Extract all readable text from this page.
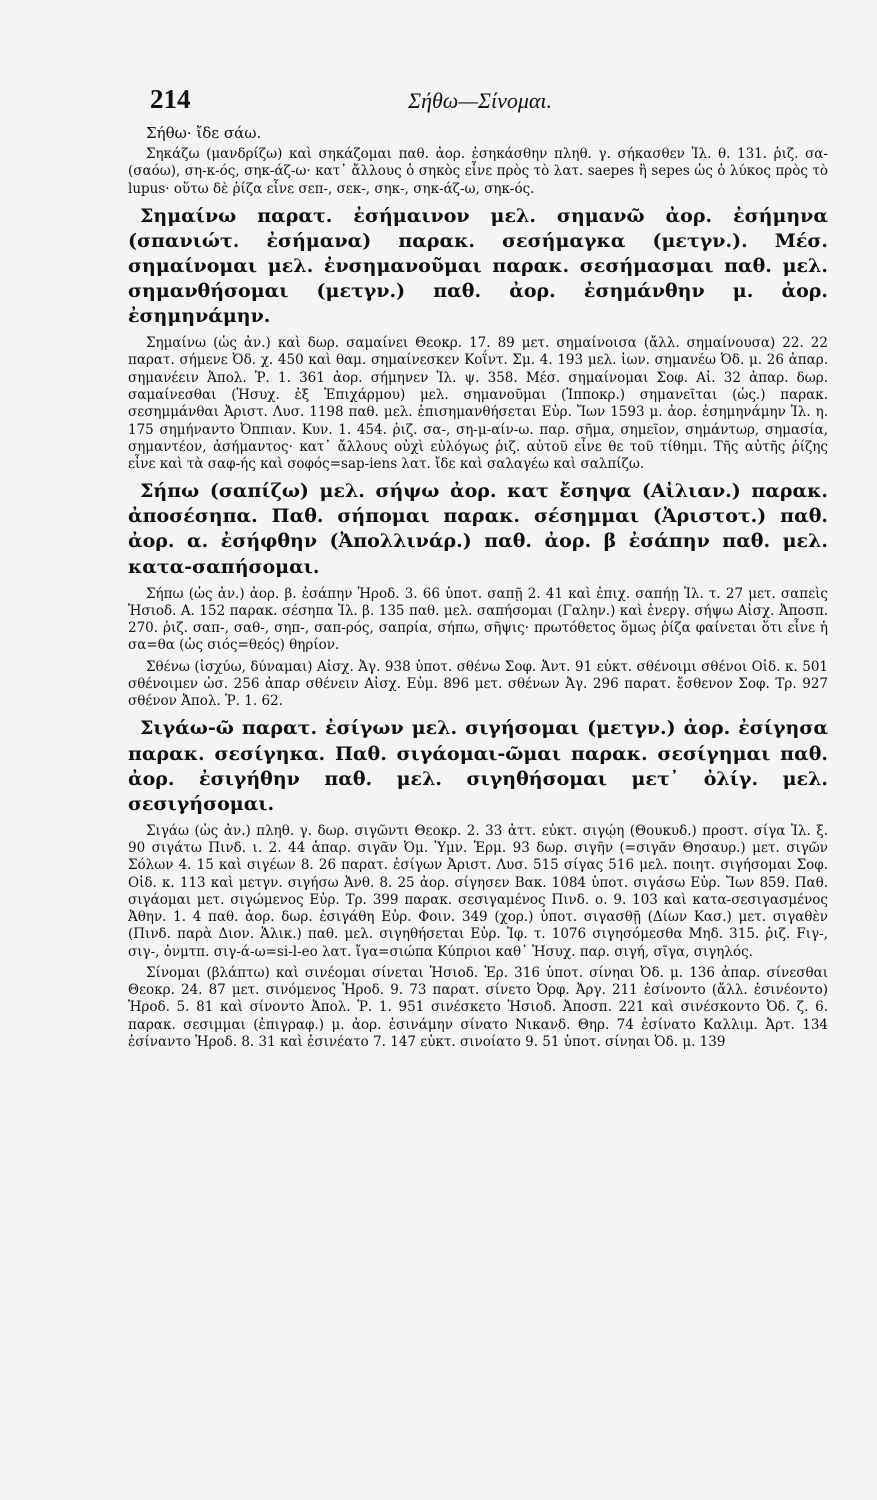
214	Σήθω—Σίνομαι.

Σήθω· ἴδε σάω.

Σηκάζω (μανδρίζω) καὶ σηκάζομαι παθ. ἀορ. ἐσηκάσθην πληθ. γ. σήκασθεν Ἰλ. θ. 131. ῥιζ. σα-(σαόω), ση-κ-ός, σηκ-άζ-ω· κατ᾽ ἄλλους ὁ σηκὸς εἶνε πρὸς τὸ λατ. saepes ἢ sepes ὡς ὁ λύκος πρὸς τὸ lupus· οὕτω δὲ ῥίζα εἶνε σεπ-, σεκ-, σηκ-, σηκ-άζ-ω, σηκ-ός.

Σημαίνω παρατ. ἐσήμαινον μελ. σημανῶ ἀορ. ἐσήμηνα (σπανιώτ. ἐσήμανα) παρακ. σεσήμαγκα (μετγν.). Μέσ. σημαίνομαι μελ. ἐνσημανοῦμαι παρακ. σεσήμασμαι παθ. μελ. σημανθήσομαι (μετγν.) παθ. ἀορ. ἐσημάνθην μ. ἀορ. ἐσημηνάμην.

Σημαίνω (ὡς ἀν.) καὶ δωρ. σαμαίνει Θεοκρ. 17. 89 μετ. σημαίνοισα (ἄλλ. σημαίνουσα) 22. 22 παρατ. σήμενε Ὀδ. χ. 450 καὶ θαμ. σημαίνεσκεν Κοΐντ. Σμ. 4. 193 μελ. ἰων. σημανέω Ὀδ. μ. 26 ἀπαρ. σημανέειν Ἀπολ. Ῥ. 1. 361 ἀορ. σήμηνεν Ἰλ. ψ. 358. Μέσ. σημαίνομαι Σοφ. Αἰ. 32 ἀπαρ. δωρ. σαμαίνεσθαι (Ἡσυχ. ἐξ Ἐπιχάρμου) μελ. σημανοῦμαι (Ἱπποκρ.) σημανεῖται (ὡς.) παρακ. σεσημμάνθαι Ἀριστ. Λυσ. 1198 παθ. μελ. ἐπισημανθήσεται Εὐρ. Ἴων 1593 μ. ἀορ. ἐσημηνάμην Ἰλ. η. 175 σημήναντο Ὀππιαν. Κυν. 1. 454. ῥιζ. σα-, ση-μ-αίν-ω. παρ. σῆμα, σημεῖον, σημάντωρ, σημασία, σημαντέον, ἀσήμαντος· κατ᾽ ἄλλους οὐχὶ εὐλόγως ῥιζ. αὐτοῦ εἶνε θε τοῦ τίθημι. Τῆς αὐτῆς ῥίζης εἶνε καὶ τὰ σαφ-ής καὶ σοφός=sap-iens λατ. ἴδε καὶ σαλαγέω καὶ σαλπίζω.

Σήπω (σαπίζω) μελ. σήψω ἀορ. κατ ἔσηψα (Αἰλιαν.) παρακ. ἀποσέσηπα. Παθ. σήπομαι παρακ. σέσημμαι (Ἀριστοτ.) παθ. ἀορ. α. ἐσήφθην (Ἀπολλινάρ.) παθ. ἀορ. β ἐσάπην παθ. μελ. κατα-σαπήσομαι.

Σήπω (ὡς ἀν.) ἀορ. β. ἐσάπην Ἡροδ. 3. 66 ὑποτ. σαπῇ 2. 41 καὶ ἐπιχ. σαπήῃ Ἰλ. τ. 27 μετ. σαπεὶς Ἡσιοδ. Α. 152 παρακ. σέσηπα Ἰλ. β. 135 παθ. μελ. σαπήσομαι (Γαλην.) καὶ ἐνεργ. σήψω Αἰσχ. Ἀποσπ. 270. ῥιζ. σαπ-, σαθ-, σηπ-, σαπ-ρός, σαπρία, σήπω, σῆψις· πρωτόθετος ὅμως ῥίζα φαίνεται ὅτι εἶνε ἡ σα=θα (ὡς σιός=θεός) θηρίον.

Σθένω (ἰσχύω, δύναμαι) Αἰσχ. Ἀγ. 938 ὑποτ. σθένω Σοφ. Ἀντ. 91 εὐκτ. σθένοιμι σθένοι Οἰδ. κ. 501 σθένοιμεν ὡσ. 256 ἀπαρ σθένειν Αἰσχ. Εὐμ. 896 μετ. σθένων Ἀγ. 296 παρατ. ἔσθενον Σοφ. Τρ. 927 σθένον Ἀπολ. Ῥ. 1. 62.

Σιγάω-ῶ παρατ. ἐσίγων μελ. σιγήσομαι (μετγν.) ἀορ. ἐσίγησα παρακ. σεσίγηκα. Παθ. σιγάομαι-ῶμαι παρακ. σεσίγημαι παθ. ἀορ. ἐσιγήθην παθ. μελ. σιγηθήσομαι μετ᾽ ὀλίγ. μελ. σεσιγήσομαι.

Σιγάω (ὡς ἀν.) πληθ. γ. δωρ. σιγῶντι Θεοκρ. 2. 33 ἀττ. εὐκτ. σιγῴη (Θουκυδ.) προστ. σίγα Ἰλ. ξ. 90 σιγάτω Πινδ. ι. 2. 44 ἀπαρ. σιγᾶν Ὀμ. Ὑμν. Ἑρμ. 93 δωρ. σιγῆν (=σιγᾶν Θησαυρ.) μετ. σιγῶν Σόλων 4. 15 καὶ σιγέων 8. 26 παρατ. ἐσίγων Ἀριστ. Λυσ. 515 σίγας 516 μελ. ποιητ. σιγήσομαι Σοφ. Οἰδ. κ. 113 καὶ μετγν. σιγήσω Ἀνθ. 8. 25 ἀορ. σίγησεν Βακ. 1084 ὑποτ. σιγάσω Εὐρ. Ἴων 859. Παθ. σιγάομαι μετ. σιγώμενος Εὐρ. Τρ. 399 παρακ. σεσιγαμένος Πινδ. ο. 9. 103 καὶ κατα-σεσιγασμένος Ἀθην. 1. 4 παθ. ἀορ. δωρ. ἐσιγάθη Εὐρ. Φοιν. 349 (χορ.) ὑποτ. σιγασθῇ (Δίων Κασ.) μετ. σιγαθὲν (Πινδ. παρὰ Διον. Ἁλικ.) παθ. μελ. σιγηθήσεται Εὐρ. Ἰφ. τ. 1076 σιγησόμεσθα Μηδ. 315. ῥιζ. Fιγ-, σιγ-, ὀνμτπ. σιγ-ά-ω=si-l-eo λατ. ἴγα=σιώπα Κύπριοι καθ᾽ Ἡσυχ. παρ. σιγή, σῖγα, σιγηλός.

Σίνομαι (βλάπτω) καὶ σινέομαι σίνεται Ἡσιοδ. Ἐρ. 316 ὑποτ. σίνηαι Ὀδ. μ. 136 ἀπαρ. σίνεσθαι Θεοκρ. 24. 87 μετ. σινόμενος Ἡροδ. 9. 73 παρατ. σίνετο Ὀρφ. Ἀργ. 211 ἐσίνοντο (ἄλλ. ἐσινέοντο) Ἡροδ. 5. 81 καὶ σίνοντο Ἀπολ. Ῥ. 1. 951 σινέσκετο Ἡσιοδ. Ἀποσπ. 221 καὶ σινέσκοντο Ὀδ. ζ. 6. παρακ. σεσιμμαι (ἐπιγραφ.) μ. ἀορ. ἐσινάμην σίνατο Νικανδ. Θηρ. 74 ἐσίνατο Καλλιμ. Ἀρτ. 134 ἐσίναντο Ἡροδ. 8. 31 καὶ ἐσινέατο 7. 147 εὐκτ. σινοίατο 9. 51 ὑποτ. σίνηαι Ὀδ. μ. 139
